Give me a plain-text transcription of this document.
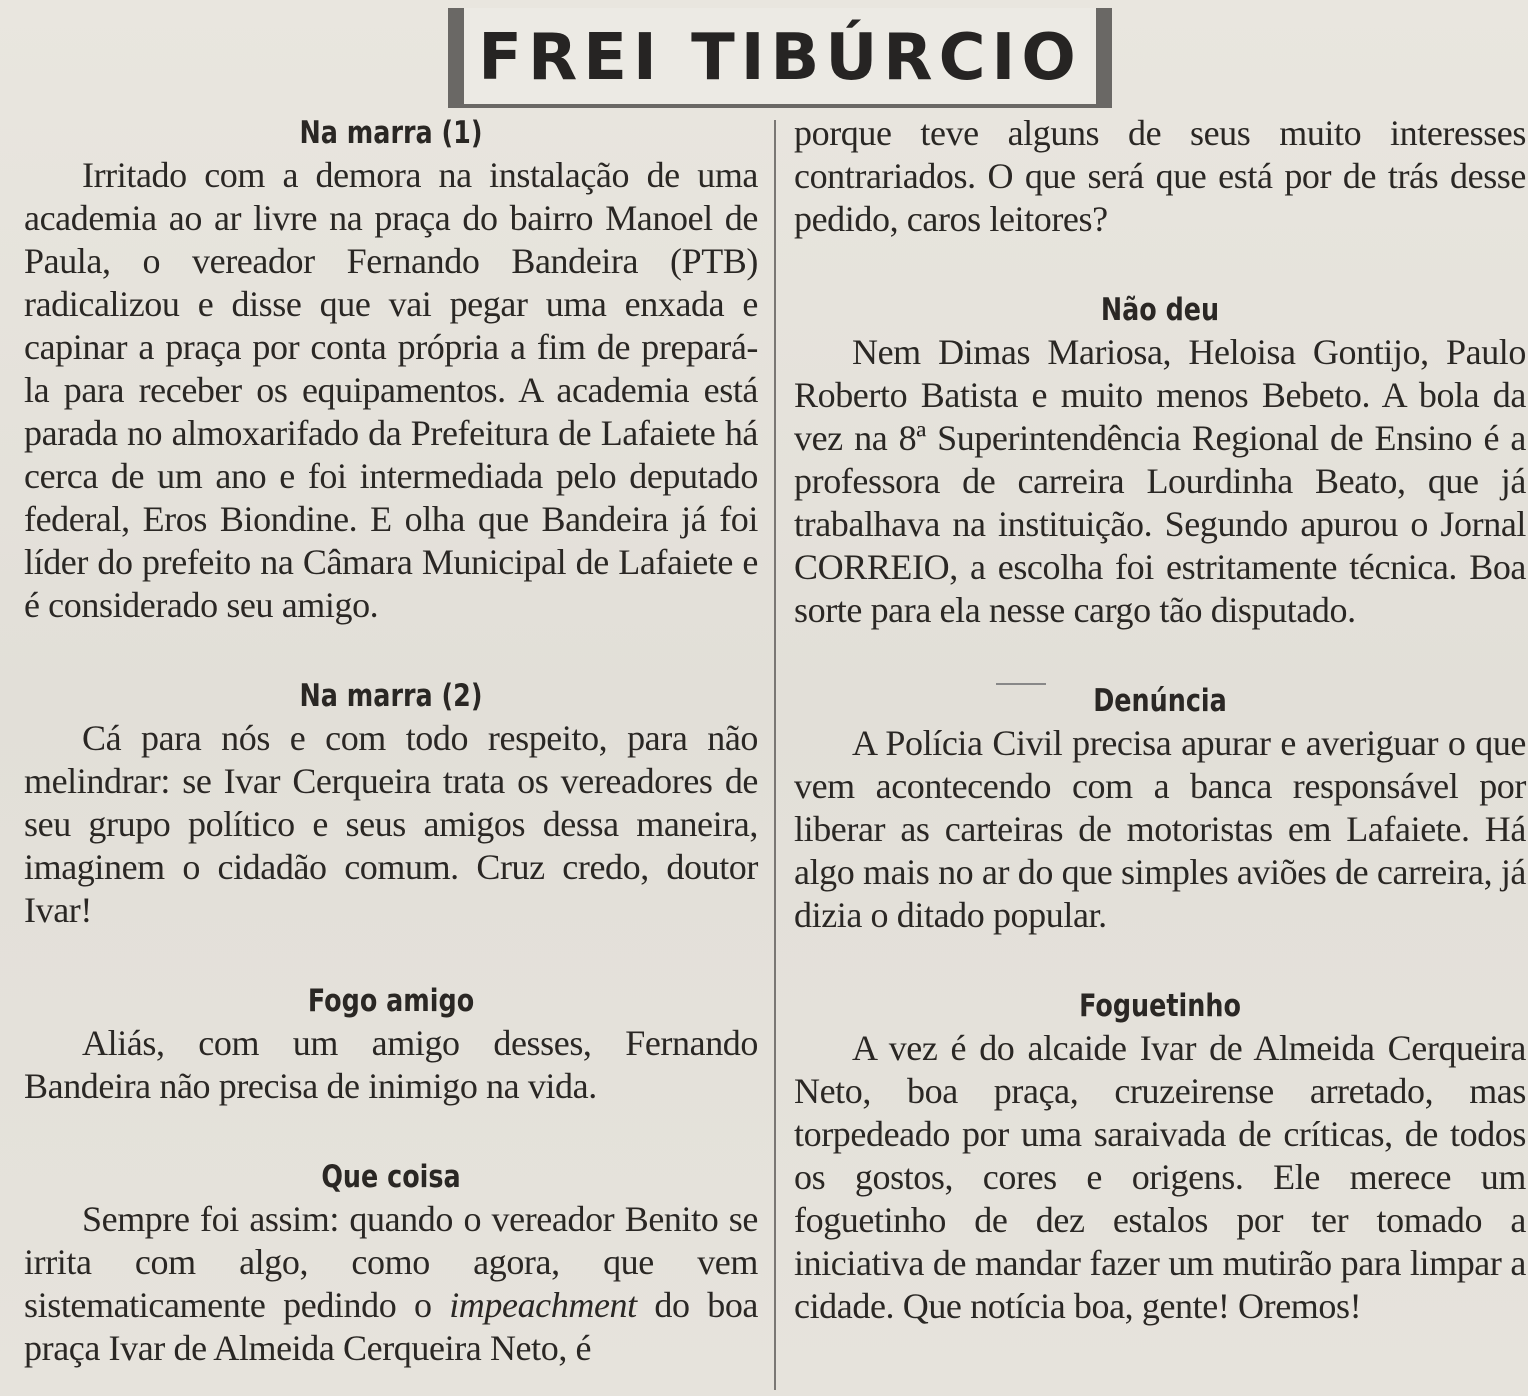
FREI TIBÚRCIO
Na marra (1)

Irritado com a demora na instalação de uma academia ao ar livre na praça do bairro Manoel de Paula, o vereador Fernando Bandeira (PTB) radicalizou e disse que vai pegar uma enxada e capinar a praça por conta própria a fim de prepará-la para receber os equipamentos. A academia está parada no almoxarifado da Prefeitura de Lafaiete há cerca de um ano e foi intermediada pelo deputado federal, Eros Biondine. E olha que Bandeira já foi líder do prefeito na Câmara Municipal de Lafaiete e é considerado seu amigo.

Na marra (2)

Cá para nós e com todo respeito, para não melindrar: se Ivar Cerqueira trata os vereadores de seu grupo político e seus amigos dessa maneira, imaginem o cidadão comum. Cruz credo, doutor Ivar!

Fogo amigo

Aliás, com um amigo desses, Fernando Bandeira não precisa de inimigo na vida.

Que coisa

Sempre foi assim: quando o vereador Benito se irrita com algo, como agora, que vem sistematicamente pedindo o impeachment do boa praça Ivar de Almeida Cerqueira Neto, é

porque teve alguns de seus muito interesses contrariados. O que será que está por de trás desse pedido, caros leitores?

Não deu

Nem Dimas Mariosa, Heloisa Gontijo, Paulo Roberto Batista e muito menos Bebeto. A bola da vez na 8ª Superintendência Regional de Ensino é a professora de carreira Lourdinha Beato, que já trabalhava na instituição. Segundo apurou o Jornal CORREIO, a escolha foi estritamente técnica. Boa sorte para ela nesse cargo tão disputado.

Denúncia

A Polícia Civil precisa apurar e averiguar o que vem acontecendo com a banca responsável por liberar as carteiras de motoristas em Lafaiete. Há algo mais no ar do que simples aviões de carreira, já dizia o ditado popular.

Foguetinho

A vez é do alcaide Ivar de Almeida Cerqueira Neto, boa praça, cruzeirense arretado, mas torpedeado por uma saraivada de críticas, de todos os gostos, cores e origens. Ele merece um foguetinho de dez estalos por ter tomado a iniciativa de mandar fazer um mutirão para limpar a cidade. Que notícia boa, gente! Oremos!
